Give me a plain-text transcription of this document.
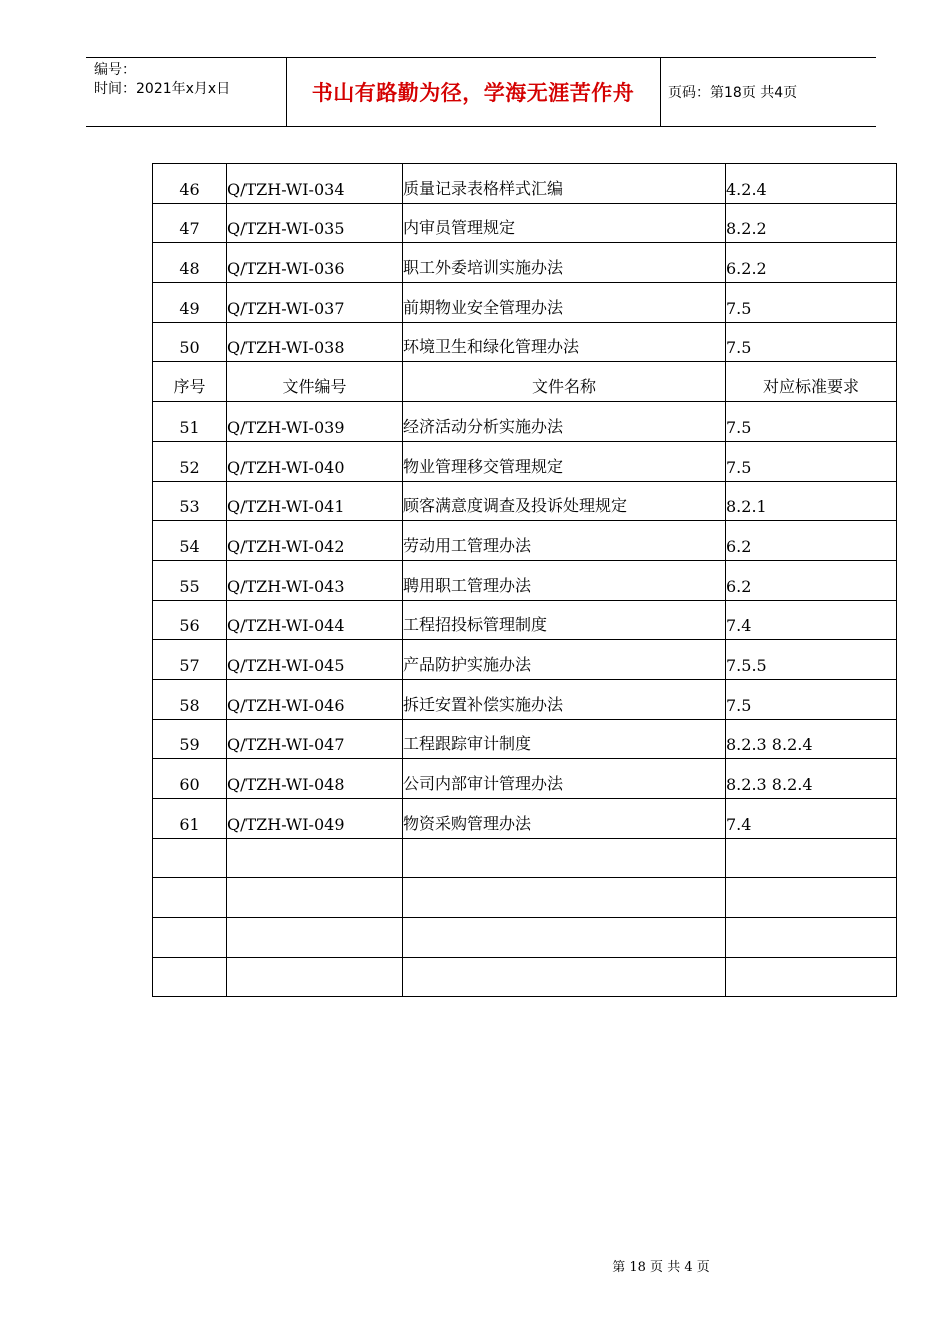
编号：
时间：2021年x月x日	书山有路勤为径，学海无涯苦作舟	页码：第18页 共4页
46	Q/TZH-WI-034	质量记录表格样式汇编	4.2.4
47	Q/TZH-WI-035	内审员管理规定	8.2.2
48	Q/TZH-WI-036	职工外委培训实施办法	6.2.2
49	Q/TZH-WI-037	前期物业安全管理办法	7.5
50	Q/TZH-WI-038	环境卫生和绿化管理办法	7.5
序号	文件编号	文件名称	对应标准要求
51	Q/TZH-WI-039	经济活动分析实施办法	7.5
52	Q/TZH-WI-040	物业管理移交管理规定	7.5
53	Q/TZH-WI-041	顾客满意度调查及投诉处理规定	8.2.1
54	Q/TZH-WI-042	劳动用工管理办法	6.2
55	Q/TZH-WI-043	聘用职工管理办法	6.2
56	Q/TZH-WI-044	工程招投标管理制度	7.4
57	Q/TZH-WI-045	产品防护实施办法	7.5.5
58	Q/TZH-WI-046	拆迁安置补偿实施办法	7.5
59	Q/TZH-WI-047	工程跟踪审计制度	8.2.3 8.2.4
60	Q/TZH-WI-048	公司内部审计管理办法	8.2.3 8.2.4
61	Q/TZH-WI-049	物资采购管理办法	7.4

第 18 页 共 4 页
